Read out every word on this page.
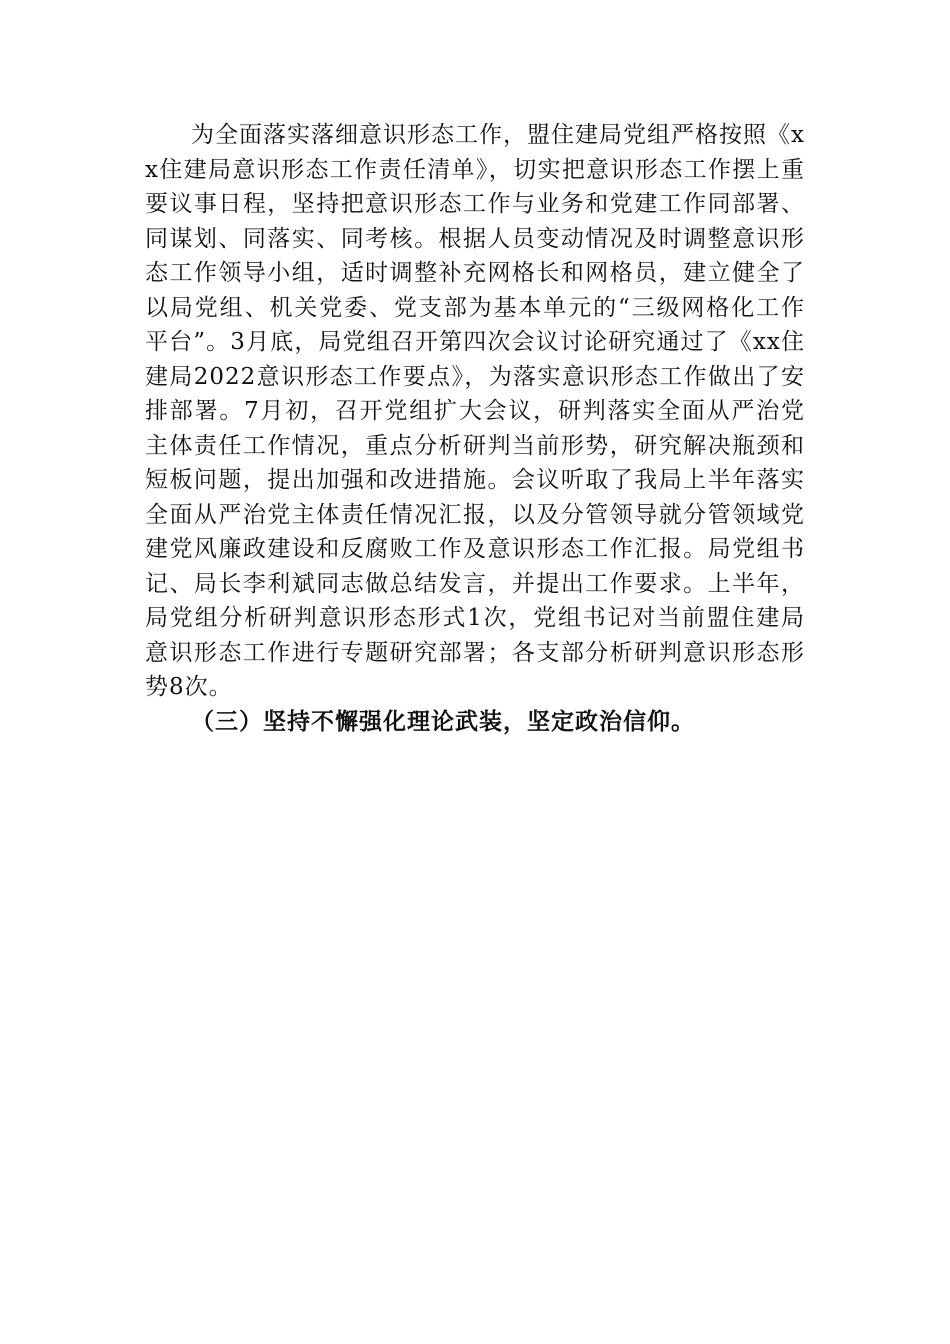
为全面落实落细意识形态工作，盟住建局党组严格按照《xx住建局意识形态工作责任清单》，切实把意识形态工作摆上重要议事日程，坚持把意识形态工作与业务和党建工作同部署、同谋划、同落实、同考核。根据人员变动情况及时调整意识形态工作领导小组，适时调整补充网格长和网格员，建立健全了以局党组、机关党委、党支部为基本单元的“三级网格化工作平台”。3月底，局党组召开第四次会议讨论研究通过了《xx住建局2022意识形态工作要点》，为落实意识形态工作做出了安排部署。7月初，召开党组扩大会议，研判落实全面从严治党主体责任工作情况，重点分析研判当前形势，研究解决瓶颈和短板问题，提出加强和改进措施。会议听取了我局上半年落实全面从严治党主体责任情况汇报，以及分管领导就分管领域党建党风廉政建设和反腐败工作及意识形态工作汇报。局党组书记、局长李利斌同志做总结发言，并提出工作要求。上半年，局党组分析研判意识形态形式1次，党组书记对当前盟住建局意识形态工作进行专题研究部署；各支部分析研判意识形态形势8次。

（三）坚持不懈强化理论武装，坚定政治信仰。
